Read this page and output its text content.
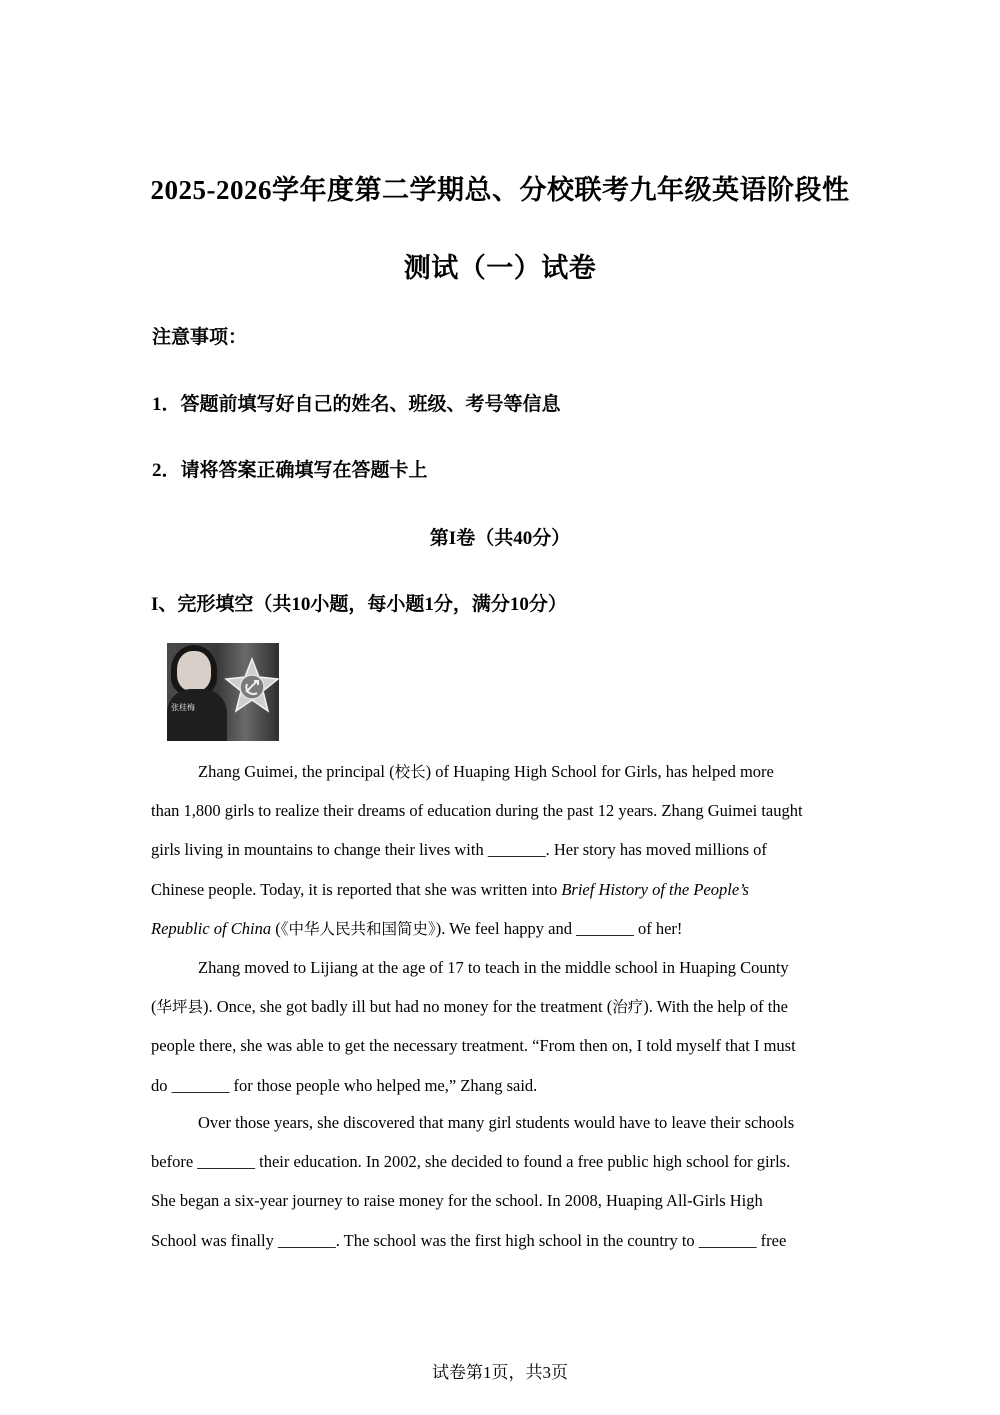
2025-2026学年度第二学期总、分校联考九年级英语阶段性
测试（一）试卷
注意事项：
1．答题前填写好自己的姓名、班级、考号等信息
2．请将答案正确填写在答题卡上
第I卷（共40分）
I、完形填空（共10小题，每小题1分，满分10分）
张桂梅
Zhang Guimei, the principal (校长) of Huaping High School for Girls, has helped more
than 1,800 girls to realize their dreams of education during the past 12 years. Zhang Guimei taught
girls living in mountains to change their lives with _______. Her story has moved millions of
Chinese people. Today, it is reported that she was written into Brief History of the People’s
Republic of China (《中华人民共和国简史》). We feel happy and _______ of her!
Zhang moved to Lijiang at the age of 17 to teach in the middle school in Huaping County
(华坪县). Once, she got badly ill but had no money for the treatment (治疗). With the help of the
people there, she was able to get the necessary treatment. “From then on, I told myself that I must
do _______ for those people who helped me,” Zhang said.
Over those years, she discovered that many girl students would have to leave their schools
before _______ their education. In 2002, she decided to found a free public high school for girls.
She began a six-year journey to raise money for the school. In 2008, Huaping All-Girls High
School was finally _______. The school was the first high school in the country to _______ free
试卷第1页，共3页
